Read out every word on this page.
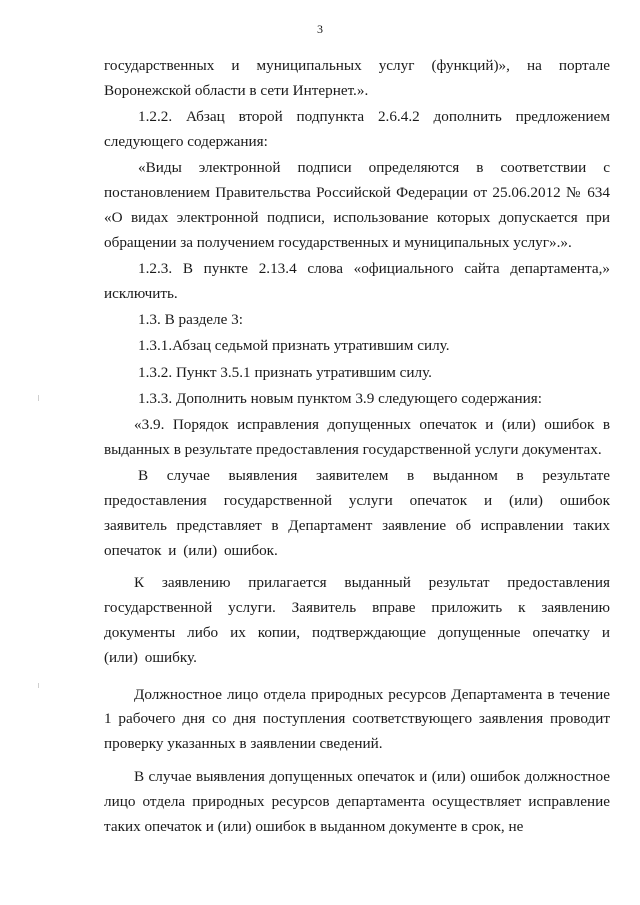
3

государственных и муниципальных услуг (функций)», на портале Воронежской области в сети Интернет.».

1.2.2. Абзац второй подпункта 2.6.4.2 дополнить предложением следующего содержания:

«Виды электронной подписи определяются в соответствии с постановлением Правительства Российской Федерации от 25.06.2012 № 634 «О видах электронной подписи, использование которых допускается при обращении за получением государственных и муниципальных услуг».».

1.2.3. В пункте 2.13.4 слова «официального сайта департамента,» исключить.

1.3. В разделе 3:

1.3.1.Абзац седьмой признать утратившим силу.

1.3.2. Пункт 3.5.1 признать утратившим силу.

1.3.3. Дополнить новым пунктом 3.9 следующего содержания:

«3.9. Порядок исправления допущенных опечаток и (или) ошибок в выданных в результате предоставления государственной услуги документах.

В случае выявления заявителем в выданном в результате предоставления государственной услуги опечаток и (или) ошибок заявитель представляет в Департамент заявление об исправлении таких опечаток и (или) ошибок.

К заявлению прилагается выданный результат предоставления государственной услуги. Заявитель вправе приложить к заявлению документы либо их копии, подтверждающие допущенные опечатку и (или) ошибку.

Должностное лицо отдела природных ресурсов Департамента в течение 1 рабочего дня со дня поступления соответствующего заявления проводит проверку указанных в заявлении сведений.

В случае выявления допущенных опечаток и (или) ошибок должностное лицо отдела природных ресурсов департамента осуществляет исправление таких опечаток и (или) ошибок в выданном документе в срок, не
